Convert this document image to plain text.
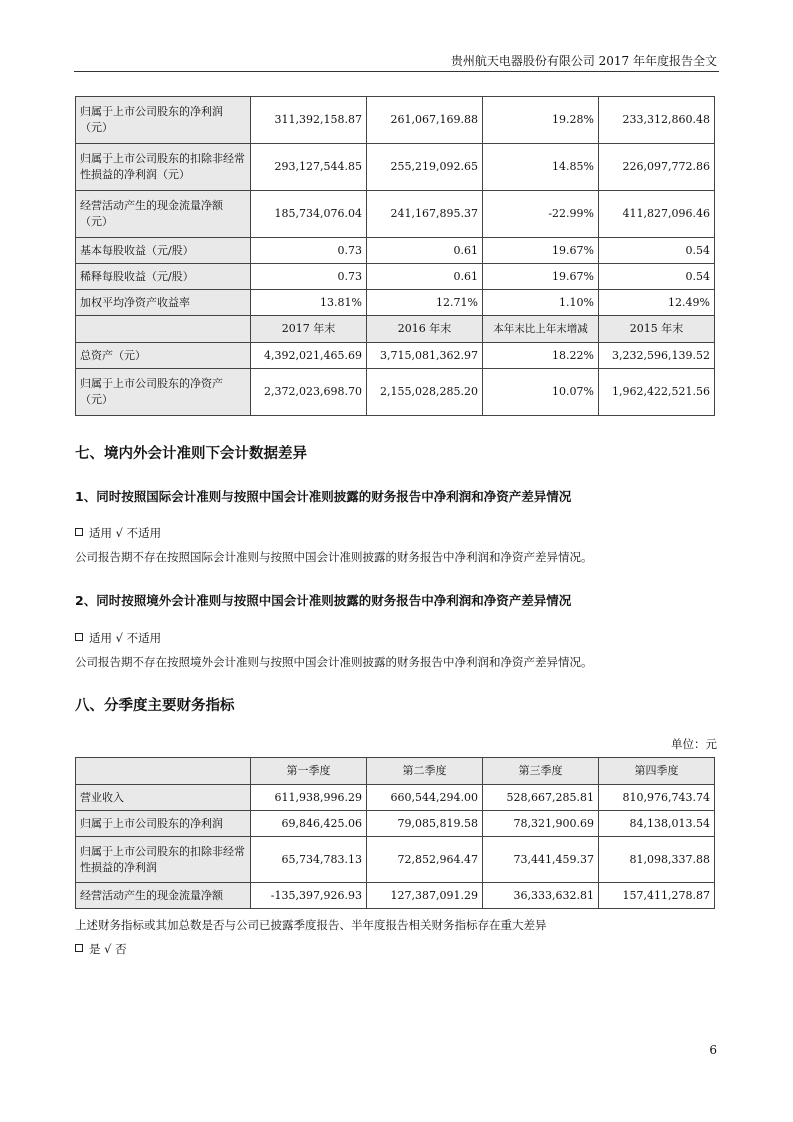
贵州航天电器股份有限公司 2017 年年度报告全文
归属于上市公司股东的净利润（元）	311,392,158.87	261,067,169.88	19.28%	233,312,860.48
归属于上市公司股东的扣除非经常性损益的净利润（元）	293,127,544.85	255,219,092.65	14.85%	226,097,772.86
经营活动产生的现金流量净额（元）	185,734,076.04	241,167,895.37	-22.99%	411,827,096.46
基本每股收益（元/股）	0.73	0.61	19.67%	0.54
稀释每股收益（元/股）	0.73	0.61	19.67%	0.54
加权平均净资产收益率	13.81%	12.71%	1.10%	12.49%
	2017 年末	2016 年末	本年末比上年末增减	2015 年末
总资产（元）	4,392,021,465.69	3,715,081,362.97	18.22%	3,232,596,139.52
归属于上市公司股东的净资产（元）	2,372,023,698.70	2,155,028,285.20	10.07%	1,962,422,521.56
七、境内外会计准则下会计数据差异
1、同时按照国际会计准则与按照中国会计准则披露的财务报告中净利润和净资产差异情况
适用 √ 不适用
公司报告期不存在按照国际会计准则与按照中国会计准则披露的财务报告中净利润和净资产差异情况。
2、同时按照境外会计准则与按照中国会计准则披露的财务报告中净利润和净资产差异情况
适用 √ 不适用
公司报告期不存在按照境外会计准则与按照中国会计准则披露的财务报告中净利润和净资产差异情况。
八、分季度主要财务指标
单位：元
	第一季度	第二季度	第三季度	第四季度
营业收入	611,938,996.29	660,544,294.00	528,667,285.81	810,976,743.74
归属于上市公司股东的净利润	69,846,425.06	79,085,819.58	78,321,900.69	84,138,013.54
归属于上市公司股东的扣除非经常性损益的净利润	65,734,783.13	72,852,964.47	73,441,459.37	81,098,337.88
经营活动产生的现金流量净额	-135,397,926.93	127,387,091.29	36,333,632.81	157,411,278.87
上述财务指标或其加总数是否与公司已披露季度报告、半年度报告相关财务指标存在重大差异
是 √ 否
6
